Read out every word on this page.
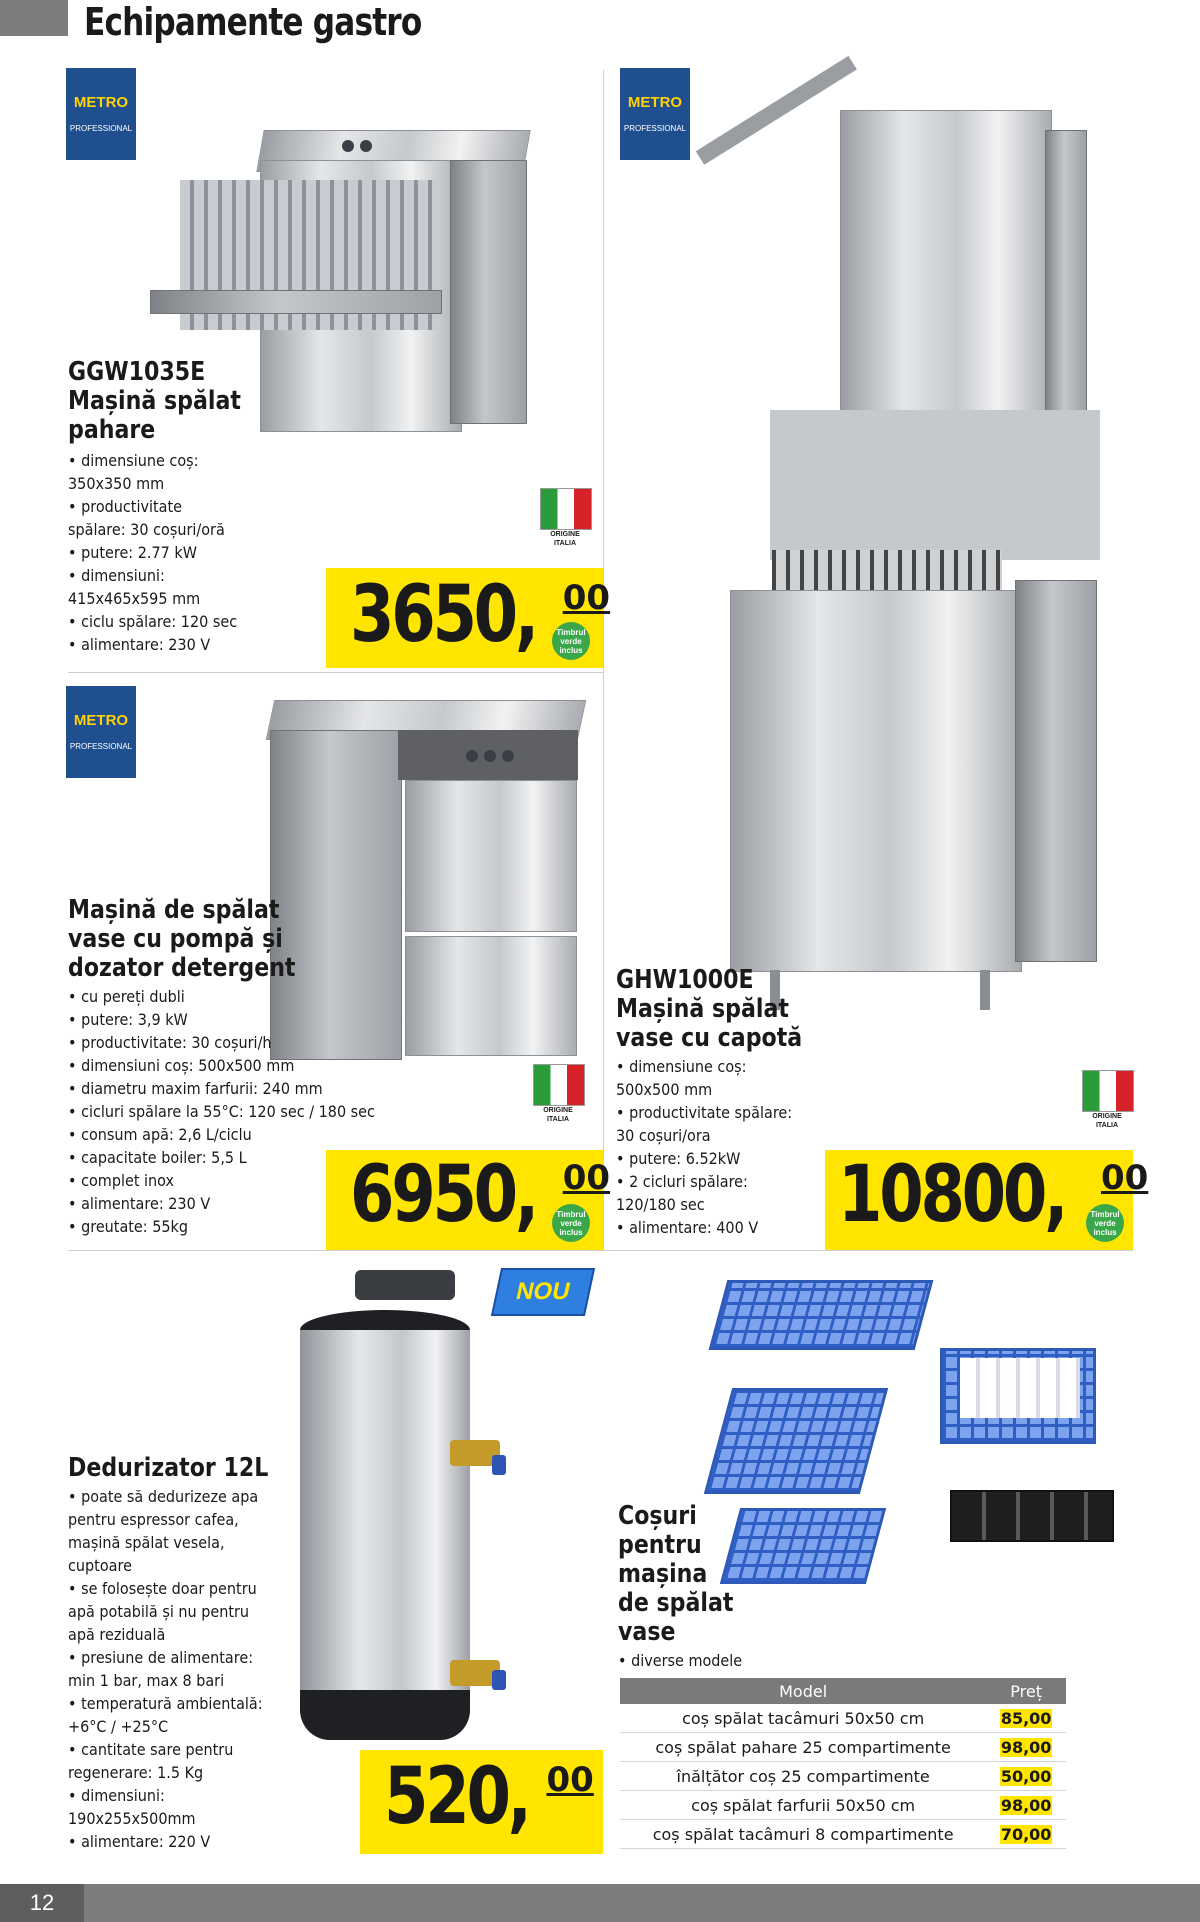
Echipamente gastro
METRO
PROFESSIONAL
GGW1035E
Mașină spălat
pahare
• dimensiune coș:
350x350 mm
• productivitate
spălare: 30 coșuri/oră
• putere: 2.77 kW
• dimensiuni:
415x465x595 mm
• ciclu spălare: 120 sec
• alimentare: 230 V
ORIGINE
ITALIA
3650, 00
Timbrul
verde
inclus
METRO
PROFESSIONAL
Mașină de spălat
vase cu pompă și
dozator detergent
• cu pereți dubli
• putere: 3,9 kW
• productivitate: 30 coșuri/h
• dimensiuni coș: 500x500 mm
• diametru maxim farfurii: 240 mm
• cicluri spălare la 55°C: 120 sec / 180 sec
• consum apă: 2,6 L/ciclu
• capacitate boiler: 5,5 L
• complet inox
• alimentare: 230 V
• greutate: 55kg
ORIGINE
ITALIA
6950, 00
Timbrul
verde
inclus
METRO
PROFESSIONAL
GHW1000E
Mașină spălat
vase cu capotă
• dimensiune coș:
500x500 mm
• productivitate spălare:
30 coșuri/ora
• putere: 6.52kW
• 2 cicluri spălare:
120/180 sec
• alimentare: 400 V
ORIGINE
ITALIA
10800, 00
Timbrul
verde
inclus
NOU
Dedurizator 12L
• poate să dedurizeze apa
pentru espressor cafea,
mașină spălat vesela,
cuptoare
• se folosește doar pentru
apă potabilă și nu pentru
apă reziduală
• presiune de alimentare:
min 1 bar, max 8 bari
• temperatură ambientală:
+6°C / +25°C
• cantitate sare pentru
regenerare: 1.5 Kg
• dimensiuni:
190x255x500mm
• alimentare: 220 V	520, 00
Coșuri
pentru
mașina
de spălat
vase
• diverse modele
Model	Preț
coș spălat tacâmuri 50x50 cm	85,00
coș spălat pahare 25 compartimente	98,00
înălțător coș 25 compartimente	50,00
coș spălat farfurii 50x50 cm	98,00
coș spălat tacâmuri 8 compartimente	70,00
12
